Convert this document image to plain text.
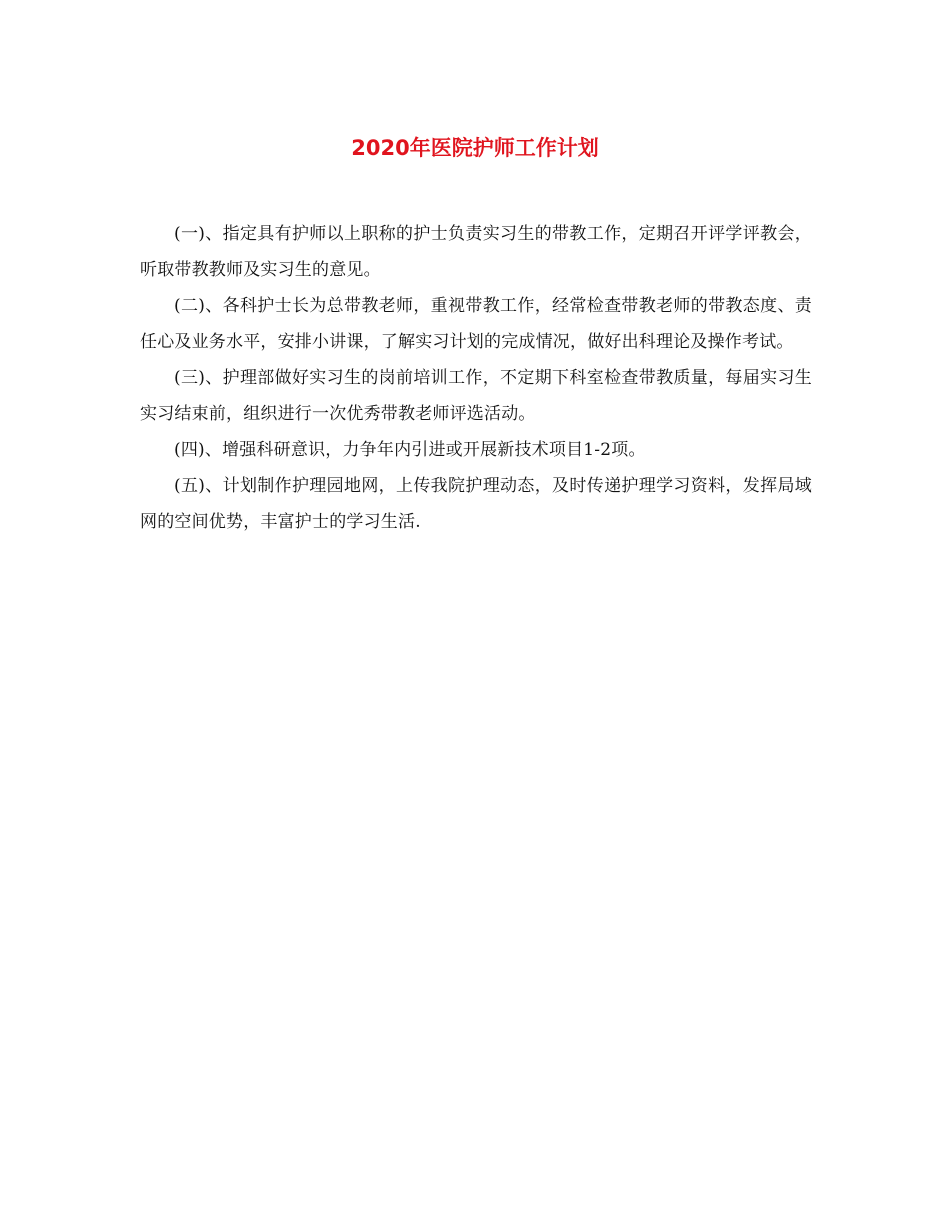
2020年医院护师工作计划

(一)、指定具有护师以上职称的护士负责实习生的带教工作，定期召开评学评教会，听取带教教师及实习生的意见。

(二)、各科护士长为总带教老师，重视带教工作，经常检查带教老师的带教态度、责任心及业务水平，安排小讲课，了解实习计划的完成情况，做好出科理论及操作考试。

(三)、护理部做好实习生的岗前培训工作，不定期下科室检查带教质量，每届实习生实习结束前，组织进行一次优秀带教老师评选活动。

(四)、增强科研意识，力争年内引进或开展新技术项目1-2项。

(五)、计划制作护理园地网，上传我院护理动态，及时传递护理学习资料，发挥局域网的空间优势，丰富护士的学习生活.
